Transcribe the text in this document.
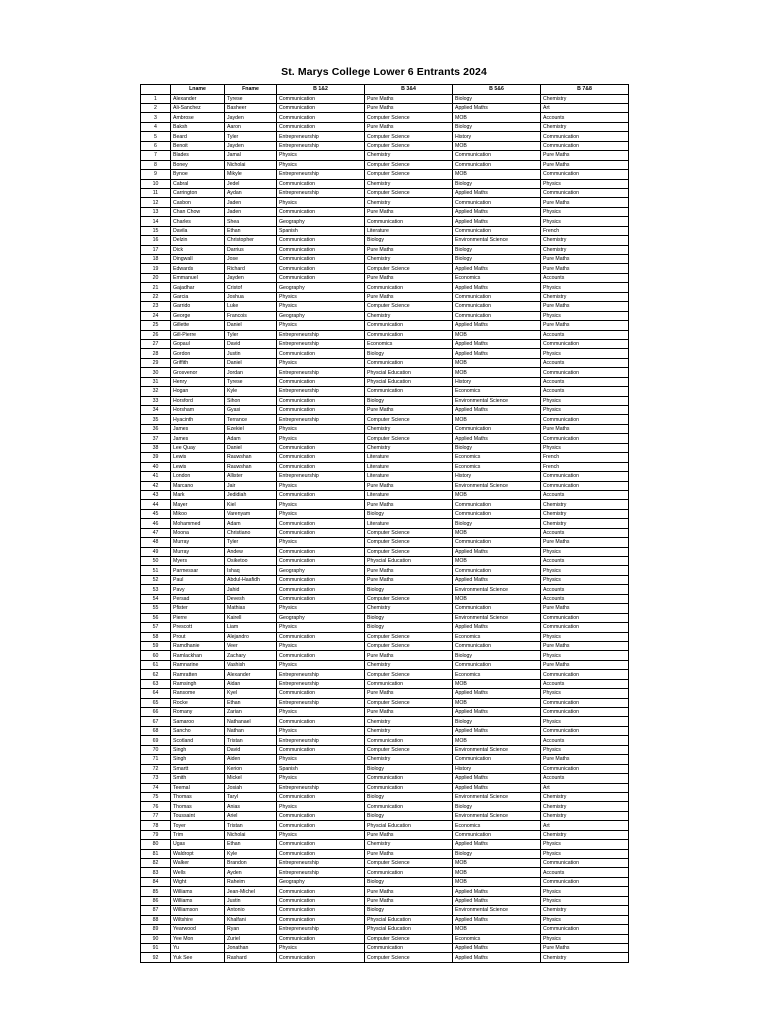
St. Marys College Lower 6 Entrants 2024
	Lname	Fname	B 1&2	B 3&4	B 5&6	B 7&8
1	Alexander	Tyrese	Communication	Pure Maths	Biology	Chemistry
2	Ali-Sanchez	Basheer	Communication	Pure Maths	Applied Maths	Art
3	Ambrose	Jayden	Communication	Computer Science	MOB	Accounts
4	Baksh	Aaron	Communication	Pure Maths	Biology	Chemistry
5	Beard	Tyler	Entrepreneurship	Computer Science	History	Communication
6	Benoit	Jayden	Entrepreneurship	Computer Science	MOB	Communication
7	Blades	Jamal	Physics	Chemistry	Communication	Pure Maths
8	Boney	Nicholai	Physics	Computer Science	Communication	Pure Maths
9	Bynoe	Mikyle	Entrepreneurship	Computer Science	MOB	Communication
10	Cabral	Jedel	Communication	Chemistry	Biology	Physics
11	Carrington	Aydan	Entrepreneurship	Computer Science	Applied Maths	Communication
12	Casbon	Jaden	Physics	Chemistry	Communication	Pure Maths
13	Chan Chow	Jaden	Communication	Pure Maths	Applied Maths	Physics
14	Charles	Shea	Geography	Communication	Applied Maths	Physics
15	Davila	Ethan	Spanish	Literature	Communication	French
16	Delzin	Christopher	Communication	Biology	Environmental Science	Chemistry
17	Dick	Darrius	Communication	Pure Maths	Biology	Chemistry
18	Dingwall	Jose	Communication	Chemistry	Biology	Pure Maths
19	Edwards	Richard	Communication	Computer Science	Applied Maths	Pure Maths
20	Emmanuel	Jayden	Communication	Pure Maths	Economics	Accounts
21	Gajadhar	Cristof	Geography	Communication	Applied Maths	Physics
22	Garcia	Joshua	Physics	Pure Maths	Communication	Chemistry
23	Garrido	Luke	Physics	Computer Science	Communication	Pure Maths
24	George	Francois	Geography	Chemistry	Communication	Physics
25	Gillette	Daniel	Physics	Communication	Applied Maths	Pure Maths
26	Gill-Pierre	Tyler	Entrepreneurship	Communication	MOB	Accounts
27	Gopaul	David	Entrepreneurship	Economics	Applied Maths	Communication
28	Gordon	Justin	Communication	Biology	Applied Maths	Physics
29	Griffith	Daniel	Physics	Communication	MOB	Accounts
30	Grosvenor	Jordan	Entrepreneurship	Physcial Education	MOB	Communication
31	Henry	Tyrese	Communication	Physcial Education	History	Accounts
32	Hogan	Kyle	Entrepreneurship	Communication	Economics	Accounts
33	Horsford	Sihon	Communication	Biology	Environmental Science	Physics
34	Horsham	Gyasi	Communication	Pure Maths	Applied Maths	Physics
35	Hyacinth	Terrance	Entrepreneurship	Computer Science	MOB	Communication
36	James	Ezekiel	Physics	Chemistry	Communication	Pure Maths
37	James	Adam	Physics	Computer Science	Applied Maths	Communication
38	Lee Quay	Daniel	Communication	Chemistry	Biology	Physics
39	Lewis	Rauwshan	Communication	Literature	Economics	French
40	Lewis	Rauwshan	Communication	Literature	Economics	French
41	London	Allister	Entrepreneurship	Literature	History	Communication
42	Marcano	Jair	Physics	Pure Maths	Environmental Science	Communication
43	Mark	Jedidiah	Communication	Literature	MOB	Accounts
44	Mayer	Kiel	Physics	Pure Maths	Communication	Chemistry
45	Mikoo	Varenyam	Physics	Biology	Communication	Chemistry
46	Mohammed	Adam	Communication	Literature	Biology	Chemistry
47	Moona	Christiano	Communication	Computer Science	MOB	Accounts
48	Murray	Tyler	Physics	Computer Science	Communication	Pure Maths
49	Murray	Andew	Communication	Computer Science	Applied Maths	Physics
50	Myers	Osiketoo	Communication	Physcial Education	MOB	Accounts
51	Parmessar	Ishaq	Geography	Pure Maths	Communication	Physics
52	Paul	Abdul-Haafidh	Communication	Pure Maths	Applied Maths	Physics
53	Pavy	Jahid	Communication	Biology	Environmental Science	Accounts
54	Persad	Devesh	Communication	Computer Science	MOB	Accounts
55	Pfister	Mathias	Physics	Chemistry	Communication	Pure Maths
56	Pierre	Kairell	Geography	Biology	Environmental Science	Communication
57	Prescott	Liam	Physics	Biology	Applied Maths	Communication
58	Prout	Alejandro	Communication	Computer Science	Economics	Physics
59	Ramdhanie	Veer	Physics	Computer Science	Communication	Pure Maths
60	Ramlackhan	Zachary	Communication	Pure Maths	Biology	Physics
61	Ramnarine	Vashish	Physics	Chemistry	Communication	Pure Maths
62	Ramratten	Alexander	Entrepreneurship	Computer Science	Economics	Communication
63	Ramsingh	Aidan	Entrepreneurship	Communication	MOB	Accounts
64	Ransome	Kyel	Communication	Pure Maths	Applied Maths	Physics
65	Rocke	Ethan	Entrepreneurship	Computer Science	MOB	Communication
66	Romany	Zarian	Physics	Pure Maths	Applied Maths	Communication
67	Samaroo	Nathanael	Communication	Chemistry	Biology	Physics
68	Sancho	Nathan	Physics	Chemistry	Applied Maths	Communication
69	Scotland	Tristan	Entrepreneurship	Communication	MOB	Accounts
70	Singh	David	Communication	Computer Science	Environmental Science	Physics
71	Singh	Aiden	Physics	Chemistry	Communication	Pure Maths
72	Smartt	Kerion	Spanish	Biology	History	Communication
73	Smith	Mickel	Physics	Communication	Applied Maths	Accounts
74	Teemal	Josiah	Entrepreneurship	Communication	Applied Maths	Art
75	Thomas	Taryl	Communication	Biology	Environmental Science	Chemistry
76	Thomas	Anias	Physics	Communication	Biology	Chemistry
77	Toussaint	Ariel	Communication	Biology	Environmental Science	Chemistry
78	Toyer	Tristan	Communication	Physcial Education	Economics	Art
79	Trim	Nicholai	Physics	Pure Maths	Communication	Chemistry
80	Ugas	Ethan	Communication	Chemistry	Applied Maths	Physics
81	Waldropt	Kyle	Communication	Pure Maths	Biology	Physics
82	Walker	Brandon	Entrepreneurship	Computer Science	MOB	Communication
83	Wells	Ayden	Entrepreneurship	Communication	MOB	Accounts
84	Wight	Raheim	Geography	Biology	MOB	Communication
85	Williams	Jean-Michel	Communication	Pure Maths	Applied Maths	Physics
86	Williams	Justin	Communication	Pure Maths	Applied Maths	Physics
87	Williamson	Antonio	Communication	Biology	Environmental Science	Chemistry
88	Wiltshire	Khalfani	Communication	Physcial Education	Applied Maths	Physics
89	Yearwood	Ryan	Entrepreneurship	Physcial Education	MOB	Communication
90	Yee Mon	Zuriel	Communication	Computer Science	Economics	Physics
91	Yu	Jonathan	Physics	Communication	Applied Maths	Pure Maths
92	Yuk See	Rashard	Communication	Computer Science	Applied Maths	Chemistry
